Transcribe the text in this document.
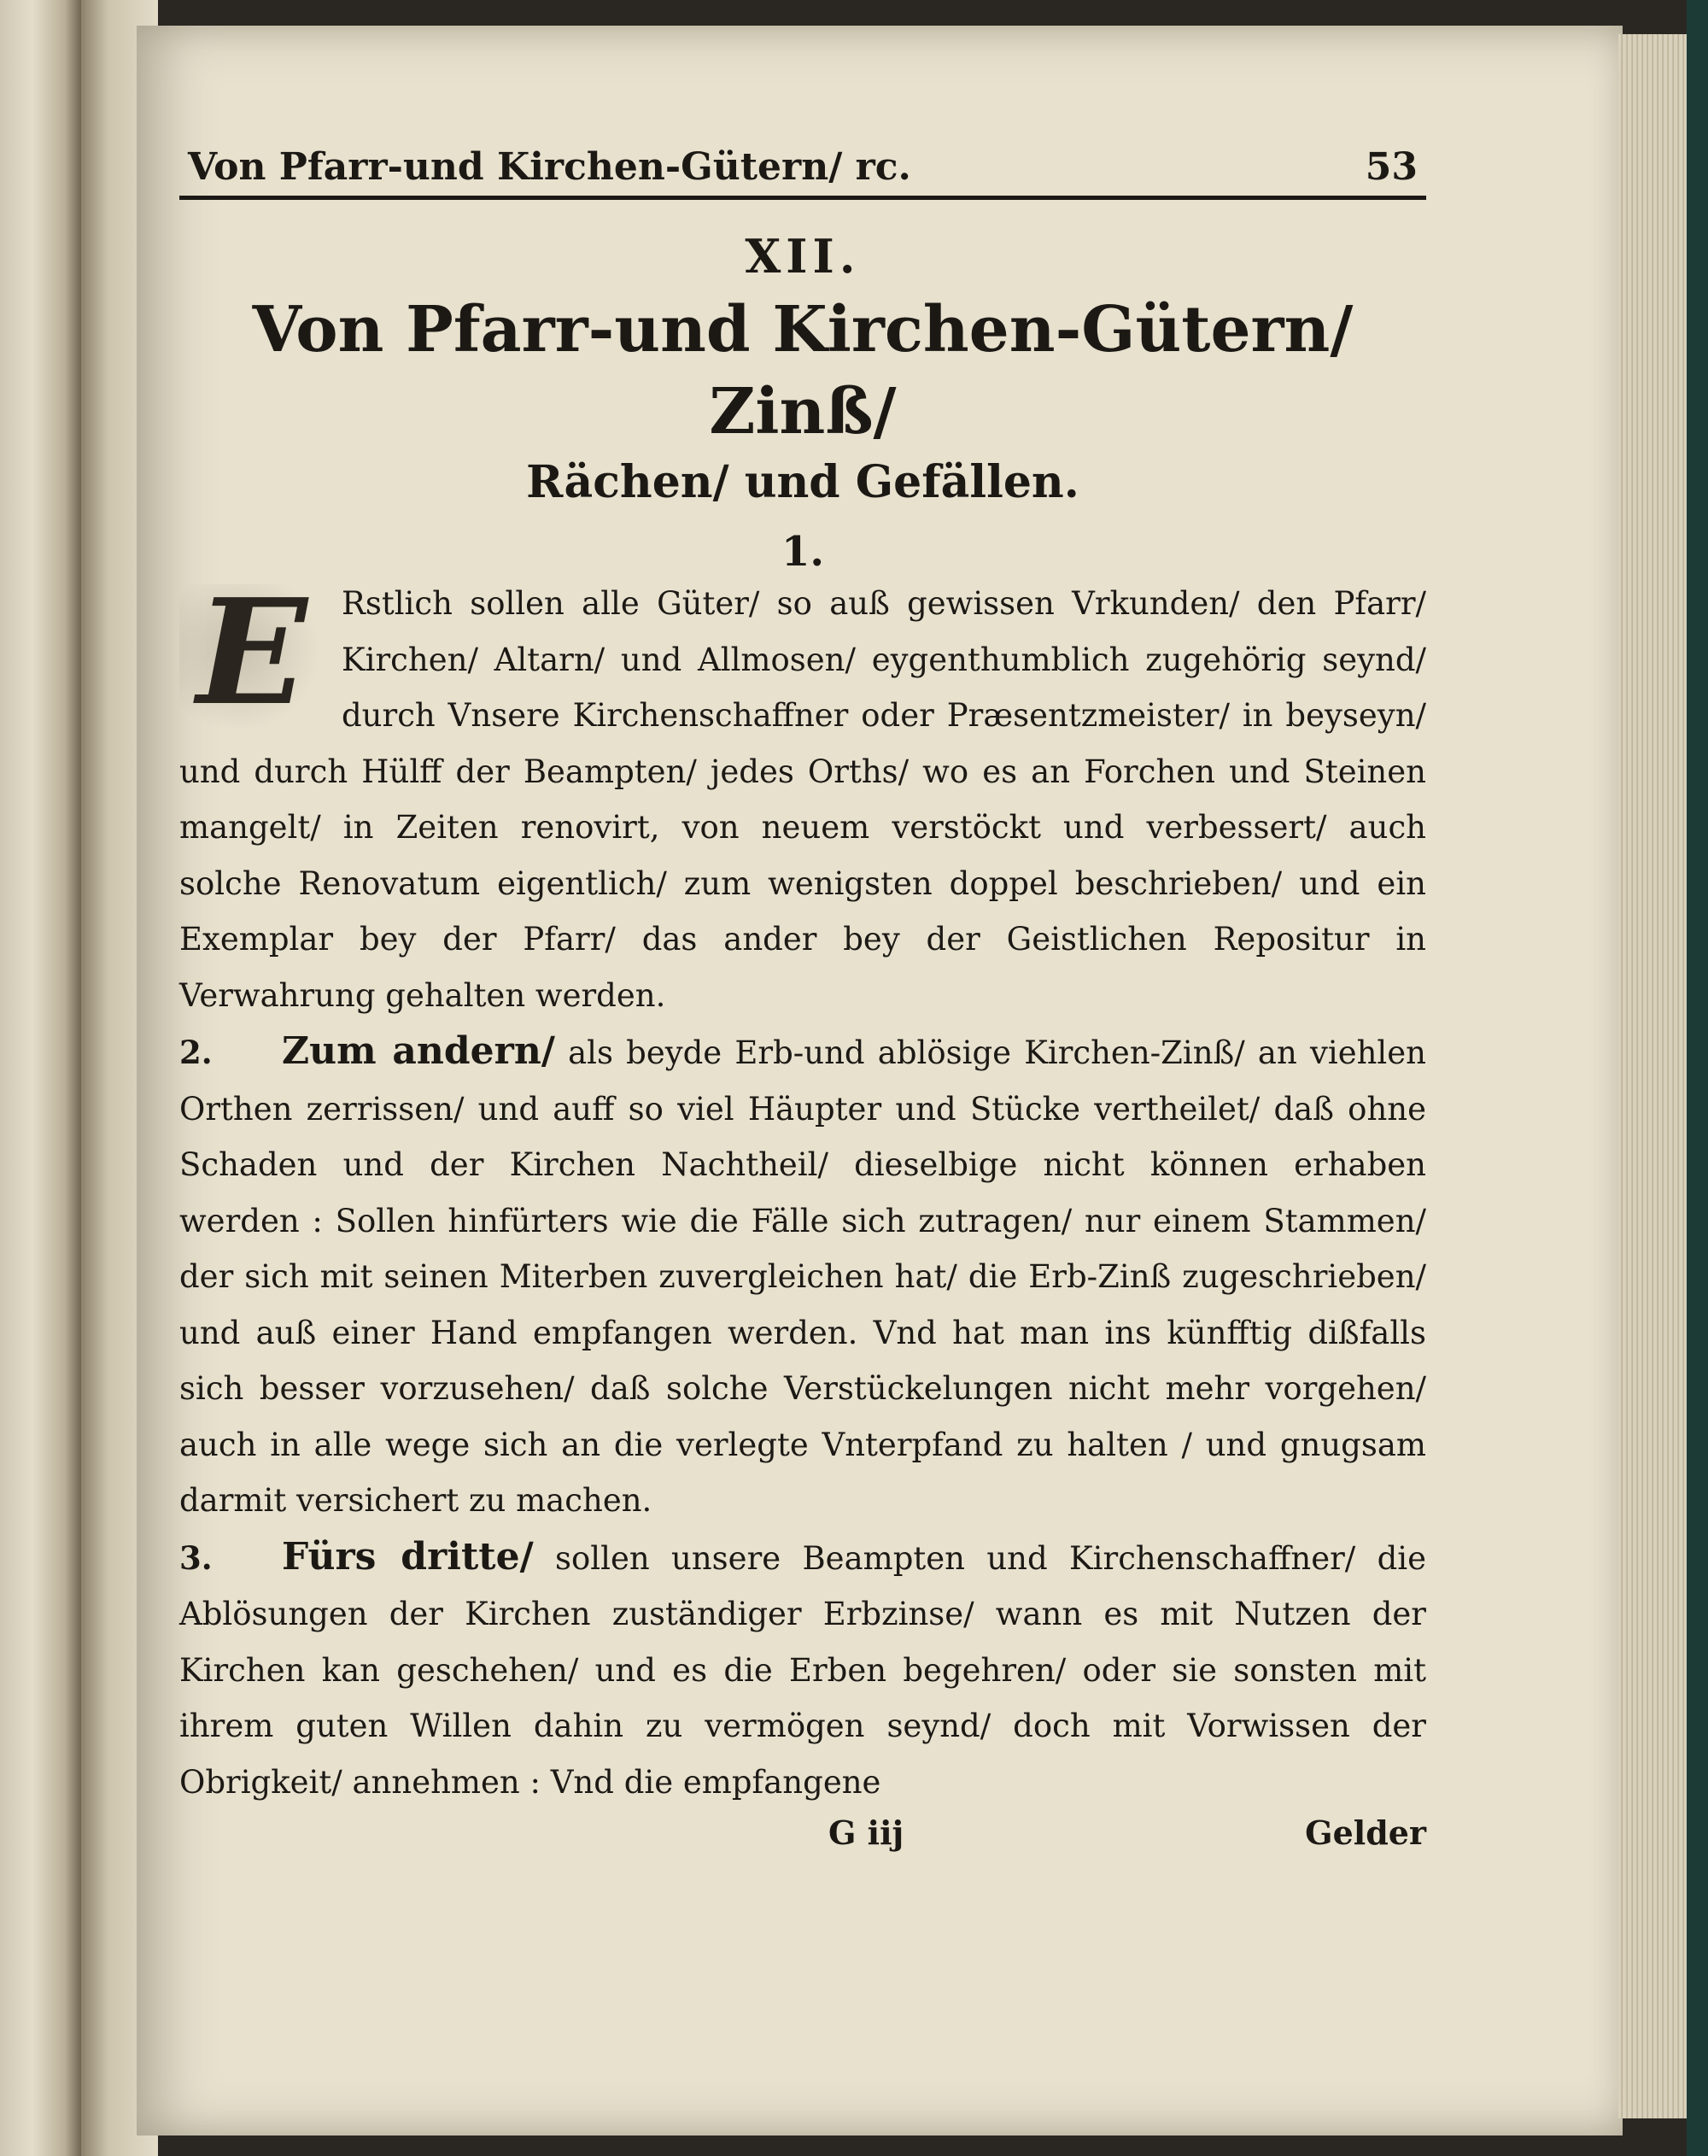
Von Pfarr-und Kirchen-Gütern/ rc.	53
XII.
Von Pfarr-und Kirchen-Gütern/ Zinß/
Rächen/ und Gefällen.
1.

E	Rstlich sollen alle Güter/ so auß gewissen Vrkunden/ den Pfarr/ Kirchen/ Altarn/ und Allmosen/ eygenthumblich zugehörig seynd/ durch Vnsere Kirchenschaffner oder Præsentzmeister/ in beyseyn/ und durch Hülff der Beampten/ jedes Orths/ wo es an Forchen und Steinen mangelt/ in Zeiten renovirt, von neuem verstöckt und verbessert/ auch solche Renovatum eigentlich/ zum wenigsten doppel beschrieben/ und ein Exemplar bey der Pfarr/ das ander bey der Geistlichen Repositur in Verwahrung gehalten werden.

2. Zum andern/ als beyde Erb-und ablösige Kirchen-Zinß/ an viehlen Orthen zerrissen/ und auff so viel Häupter und Stücke vertheilet/ daß ohne Schaden und der Kirchen Nachtheil/ dieselbige nicht können erhaben werden : Sollen hinfürters wie die Fälle sich zutragen/ nur einem Stammen/ der sich mit seinen Miterben zuvergleichen hat/ die Erb-Zinß zugeschrieben/ und auß einer Hand empfangen werden. Vnd hat man ins künfftig dißfalls sich besser vorzusehen/ daß solche Verstückelungen nicht mehr vorgehen/ auch in alle wege sich an die verlegte Vnterpfand zu halten / und gnugsam darmit versichert zu machen.

3. Fürs dritte/ sollen unsere Beampten und Kirchenschaffner/ die Ablösungen der Kirchen zuständiger Erbzinse/ wann es mit Nutzen der Kirchen kan geschehen/ und es die Erben begehren/ oder sie sonsten mit ihrem guten Willen dahin zu vermögen seynd/ doch mit Vorwissen der Obrigkeit/ annehmen : Vnd die empfangene

G iij	Gelder
